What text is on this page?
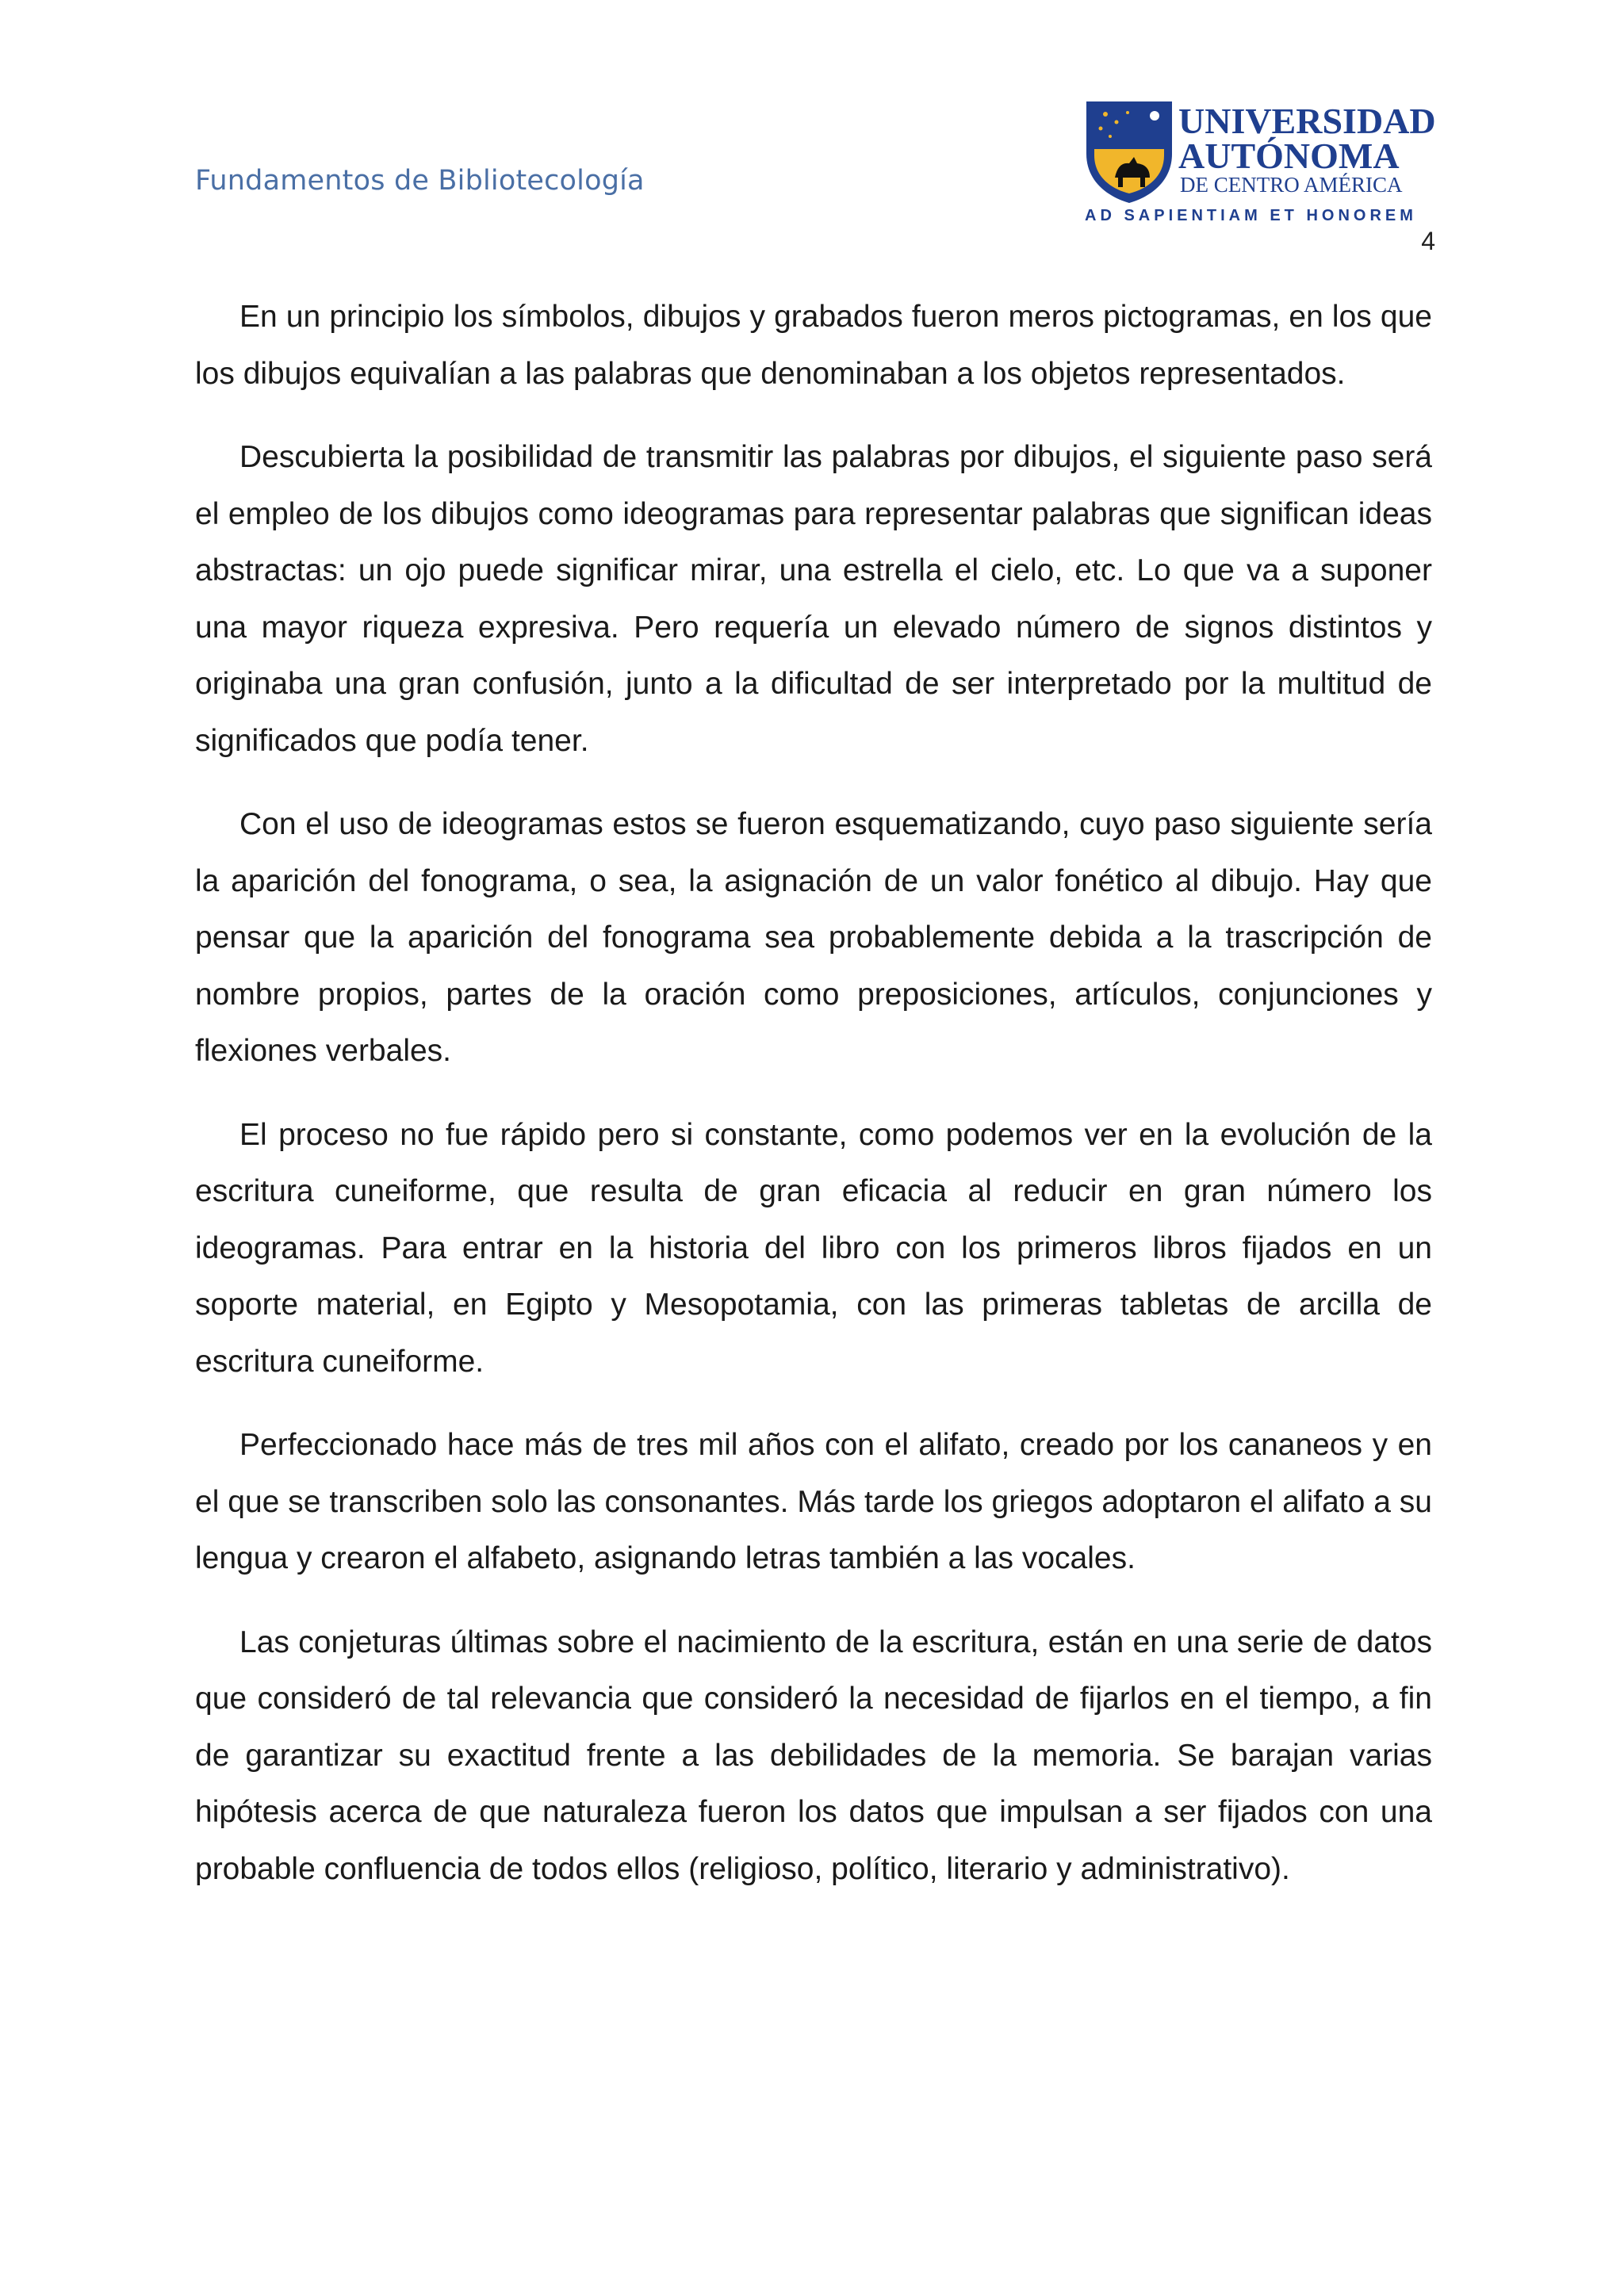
Fundamentos de Bibliotecología
UNIVERSIDAD
AUTÓNOMA
DE CENTRO AMÉRICA
AD SAPIENTIAM ET HONOREM
4

En un principio los símbolos, dibujos y grabados fueron meros pictogramas, en los que los dibujos equivalían a las palabras que denominaban a los objetos representados.

Descubierta la posibilidad de transmitir las palabras por dibujos, el siguiente paso será el empleo de los dibujos como ideogramas para representar palabras que significan ideas abstractas: un ojo puede significar mirar, una estrella el cielo, etc. Lo que va a suponer una mayor riqueza expresiva. Pero requería un elevado número de signos distintos y originaba una gran confusión, junto a la dificultad de ser interpretado por la multitud de significados que podía tener.

Con el uso de ideogramas estos se fueron esquematizando, cuyo paso siguiente sería la aparición del fonograma, o sea, la asignación de un valor fonético al dibujo. Hay que pensar que la aparición del fonograma sea probablemente debida a la trascripción de nombre propios, partes de la oración como preposiciones, artículos, conjunciones y flexiones verbales.

El proceso no fue rápido pero si constante, como podemos ver en la evolución de la escritura cuneiforme, que resulta de gran eficacia al reducir en gran número los ideogramas. Para entrar en la historia del libro con los primeros libros fijados en un soporte material, en Egipto y Mesopotamia, con las primeras tabletas de arcilla de escritura cuneiforme.

Perfeccionado hace más de tres mil años con el alifato, creado por los cananeos y en el que se transcriben solo las consonantes. Más tarde los griegos adoptaron el alifato a su lengua y crearon el alfabeto, asignando letras también a las vocales.

Las conjeturas últimas sobre el nacimiento de la escritura, están en una serie de datos que consideró de tal relevancia que consideró la necesidad de fijarlos en el tiempo, a fin de garantizar su exactitud frente a las debilidades de la memoria. Se barajan varias hipótesis acerca de que naturaleza fueron los datos que impulsan a ser fijados con una probable confluencia de todos ellos (religioso, político, literario y administrativo).
